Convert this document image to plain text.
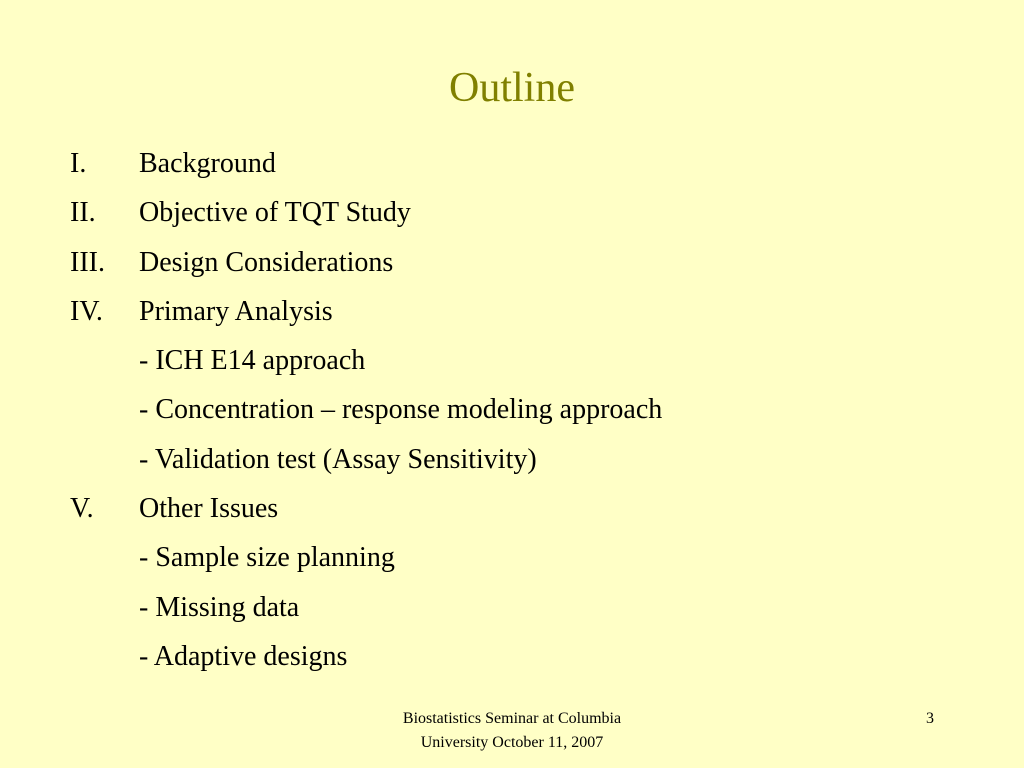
Outline
I.	Background
II.	Objective of TQT Study
III.	Design Considerations
IV.	Primary Analysis
- ICH E14 approach
- Concentration – response modeling approach
- Validation test (Assay Sensitivity)
V.	Other Issues
- Sample size planning
- Missing data
- Adaptive designs
Biostatistics Seminar at Columbia
University October 11, 2007
3
